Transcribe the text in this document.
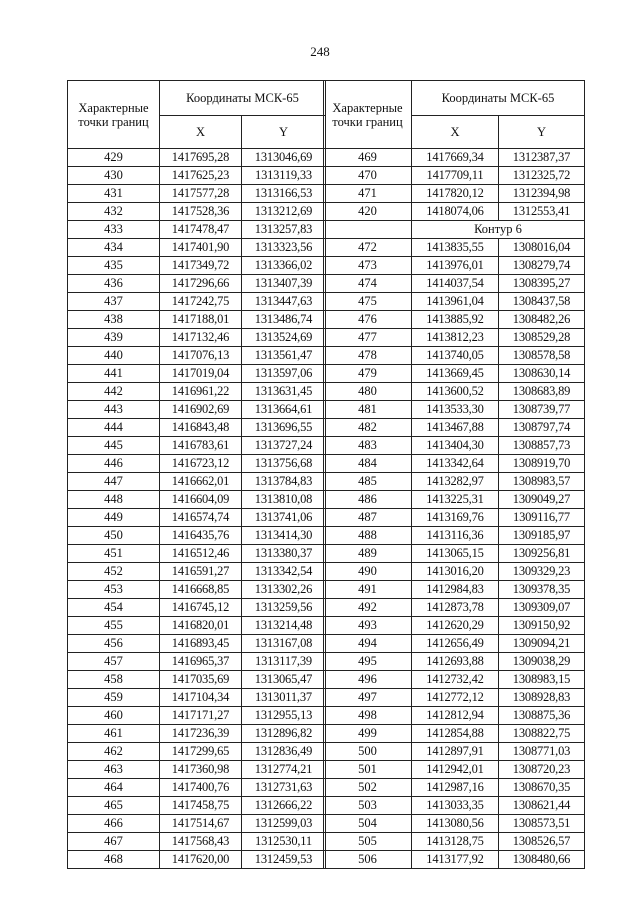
248
Характерные точки границ	Координаты МСК-65	
	X	Y
429	1417695,28	1313046,69
430	1417625,23	1313119,33
431	1417577,28	1313166,53
432	1417528,36	1313212,69
433	1417478,47	1313257,83
434	1417401,90	1313323,56
435	1417349,72	1313366,02
436	1417296,66	1313407,39
437	1417242,75	1313447,63
438	1417188,01	1313486,74
439	1417132,46	1313524,69
440	1417076,13	1313561,47
441	1417019,04	1313597,06
442	1416961,22	1313631,45
443	1416902,69	1313664,61
444	1416843,48	1313696,55
445	1416783,61	1313727,24
446	1416723,12	1313756,68
447	1416662,01	1313784,83
448	1416604,09	1313810,08
449	1416574,74	1313741,06
450	1416435,76	1313414,30
451	1416512,46	1313380,37
452	1416591,27	1313342,54
453	1416668,85	1313302,26
454	1416745,12	1313259,56
455	1416820,01	1313214,48
456	1416893,45	1313167,08
457	1416965,37	1313117,39
458	1417035,69	1313065,47
459	1417104,34	1313011,37
460	1417171,27	1312955,13
461	1417236,39	1312896,82
462	1417299,65	1312836,49
463	1417360,98	1312774,21
464	1417400,76	1312731,63
465	1417458,75	1312666,22
466	1417514,67	1312599,03
467	1417568,43	1312530,11
468	1417620,00	1312459,53
Характерные точки границ	Координаты МСК-65	
	X	Y
469	1417669,34	1312387,37
470	1417709,11	1312325,72
471	1417820,12	1312394,98
420	1418074,06	1312553,41
	Контур 6	
472	1413835,55	1308016,04
473	1413976,01	1308279,74
474	1414037,54	1308395,27
475	1413961,04	1308437,58
476	1413885,92	1308482,26
477	1413812,23	1308529,28
478	1413740,05	1308578,58
479	1413669,45	1308630,14
480	1413600,52	1308683,89
481	1413533,30	1308739,77
482	1413467,88	1308797,74
483	1413404,30	1308857,73
484	1413342,64	1308919,70
485	1413282,97	1308983,57
486	1413225,31	1309049,27
487	1413169,76	1309116,77
488	1413116,36	1309185,97
489	1413065,15	1309256,81
490	1413016,20	1309329,23
491	1412984,83	1309378,35
492	1412873,78	1309309,07
493	1412620,29	1309150,92
494	1412656,49	1309094,21
495	1412693,88	1309038,29
496	1412732,42	1308983,15
497	1412772,12	1308928,83
498	1412812,94	1308875,36
499	1412854,88	1308822,75
500	1412897,91	1308771,03
501	1412942,01	1308720,23
502	1412987,16	1308670,35
503	1413033,35	1308621,44
504	1413080,56	1308573,51
505	1413128,75	1308526,57
506	1413177,92	1308480,66
